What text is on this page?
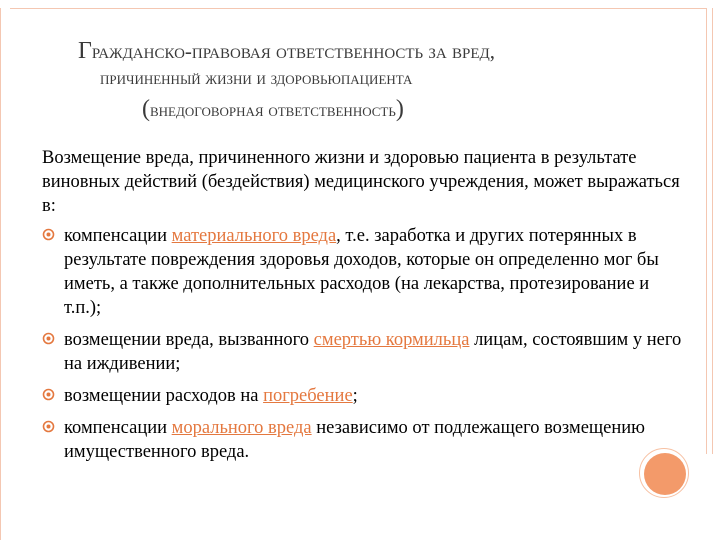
Гражданско-правовая ответственность за вред,
причиненный жизни и здоровьюпациента
(внедоговорная ответственность)

Возмещение вреда, причиненного жизни и здоровью пациента в результате виновных действий (бездействия) медицинского учреждения, может выражаться в:

компенсации материального вреда, т.е. заработка и других потерянных в результате повреждения здоровья доходов, которые он определенно мог бы иметь, а также дополнительных расходов (на лекарства, протезирование и т.п.);
возмещении вреда, вызванного смертью кормильца лицам, состоявшим у него на иждивении;
возмещении расходов на погребение;
компенсации морального вреда независимо от подлежащего возмещению имущественного вреда.
